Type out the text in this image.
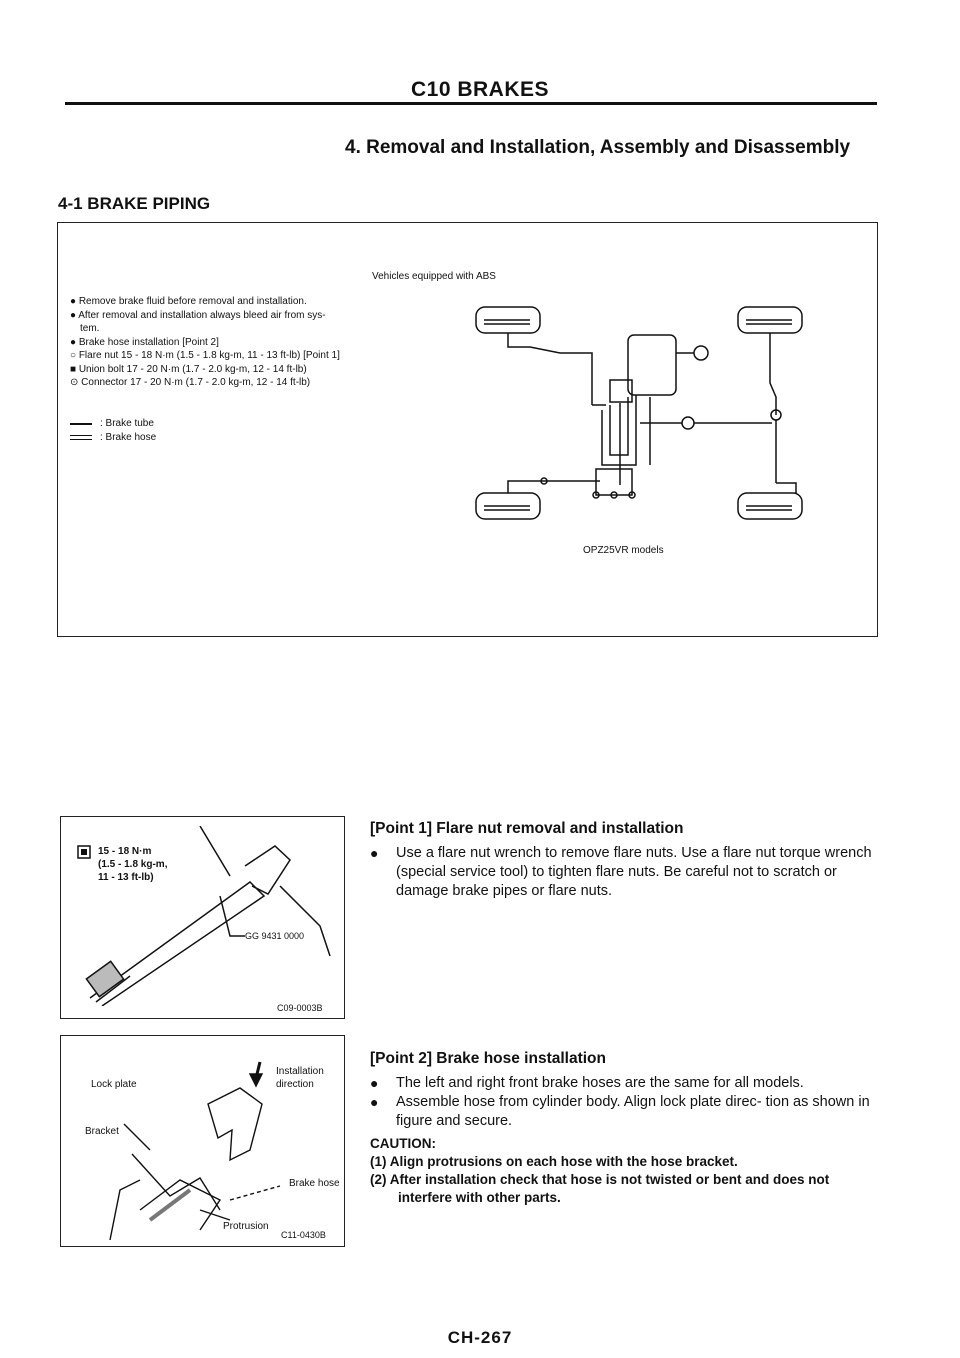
C10 BRAKES
4. Removal and Installation, Assembly and Disassembly
4-1 BRAKE PIPING
Vehicles equipped with ABS
● Remove brake fluid before removal and installation.
● After removal and installation always bleed air from sys-
tem.
● Brake hose installation [Point 2]
○ Flare nut 15 - 18 N·m (1.5 - 1.8 kg-m, 11 - 13 ft-lb) [Point 1]
■ Union bolt 17 - 20 N·m (1.7 - 2.0 kg-m, 12 - 14 ft-lb)
⊙ Connector 17 - 20 N·m (1.7 - 2.0 kg-m, 12 - 14 ft-lb)
: Brake tube
: Brake hose
OPZ25VR models
15 - 18 N·m
(1.5 - 1.8 kg-m,
11 - 13 ft-lb)
GG 9431 0000
C09-0003B
Lock plate
Bracket
Installation
direction
Brake hose
Protrusion
C11-0430B
[Point 1] Flare nut removal and installation
●	Use a flare nut wrench to remove flare nuts. Use a flare nut torque wrench (special service tool) to tighten flare nuts. Be careful not to scratch or damage brake pipes or flare nuts.
[Point 2] Brake hose installation
●	The left and right front brake hoses are the same for all models.
●	Assemble hose from cylinder body. Align lock plate direc- tion as shown in figure and secure.
CAUTION:
(1) Align protrusions on each hose with the hose bracket.
(2) After installation check that hose is not twisted or bent and does not interfere with other parts.
CH-267
